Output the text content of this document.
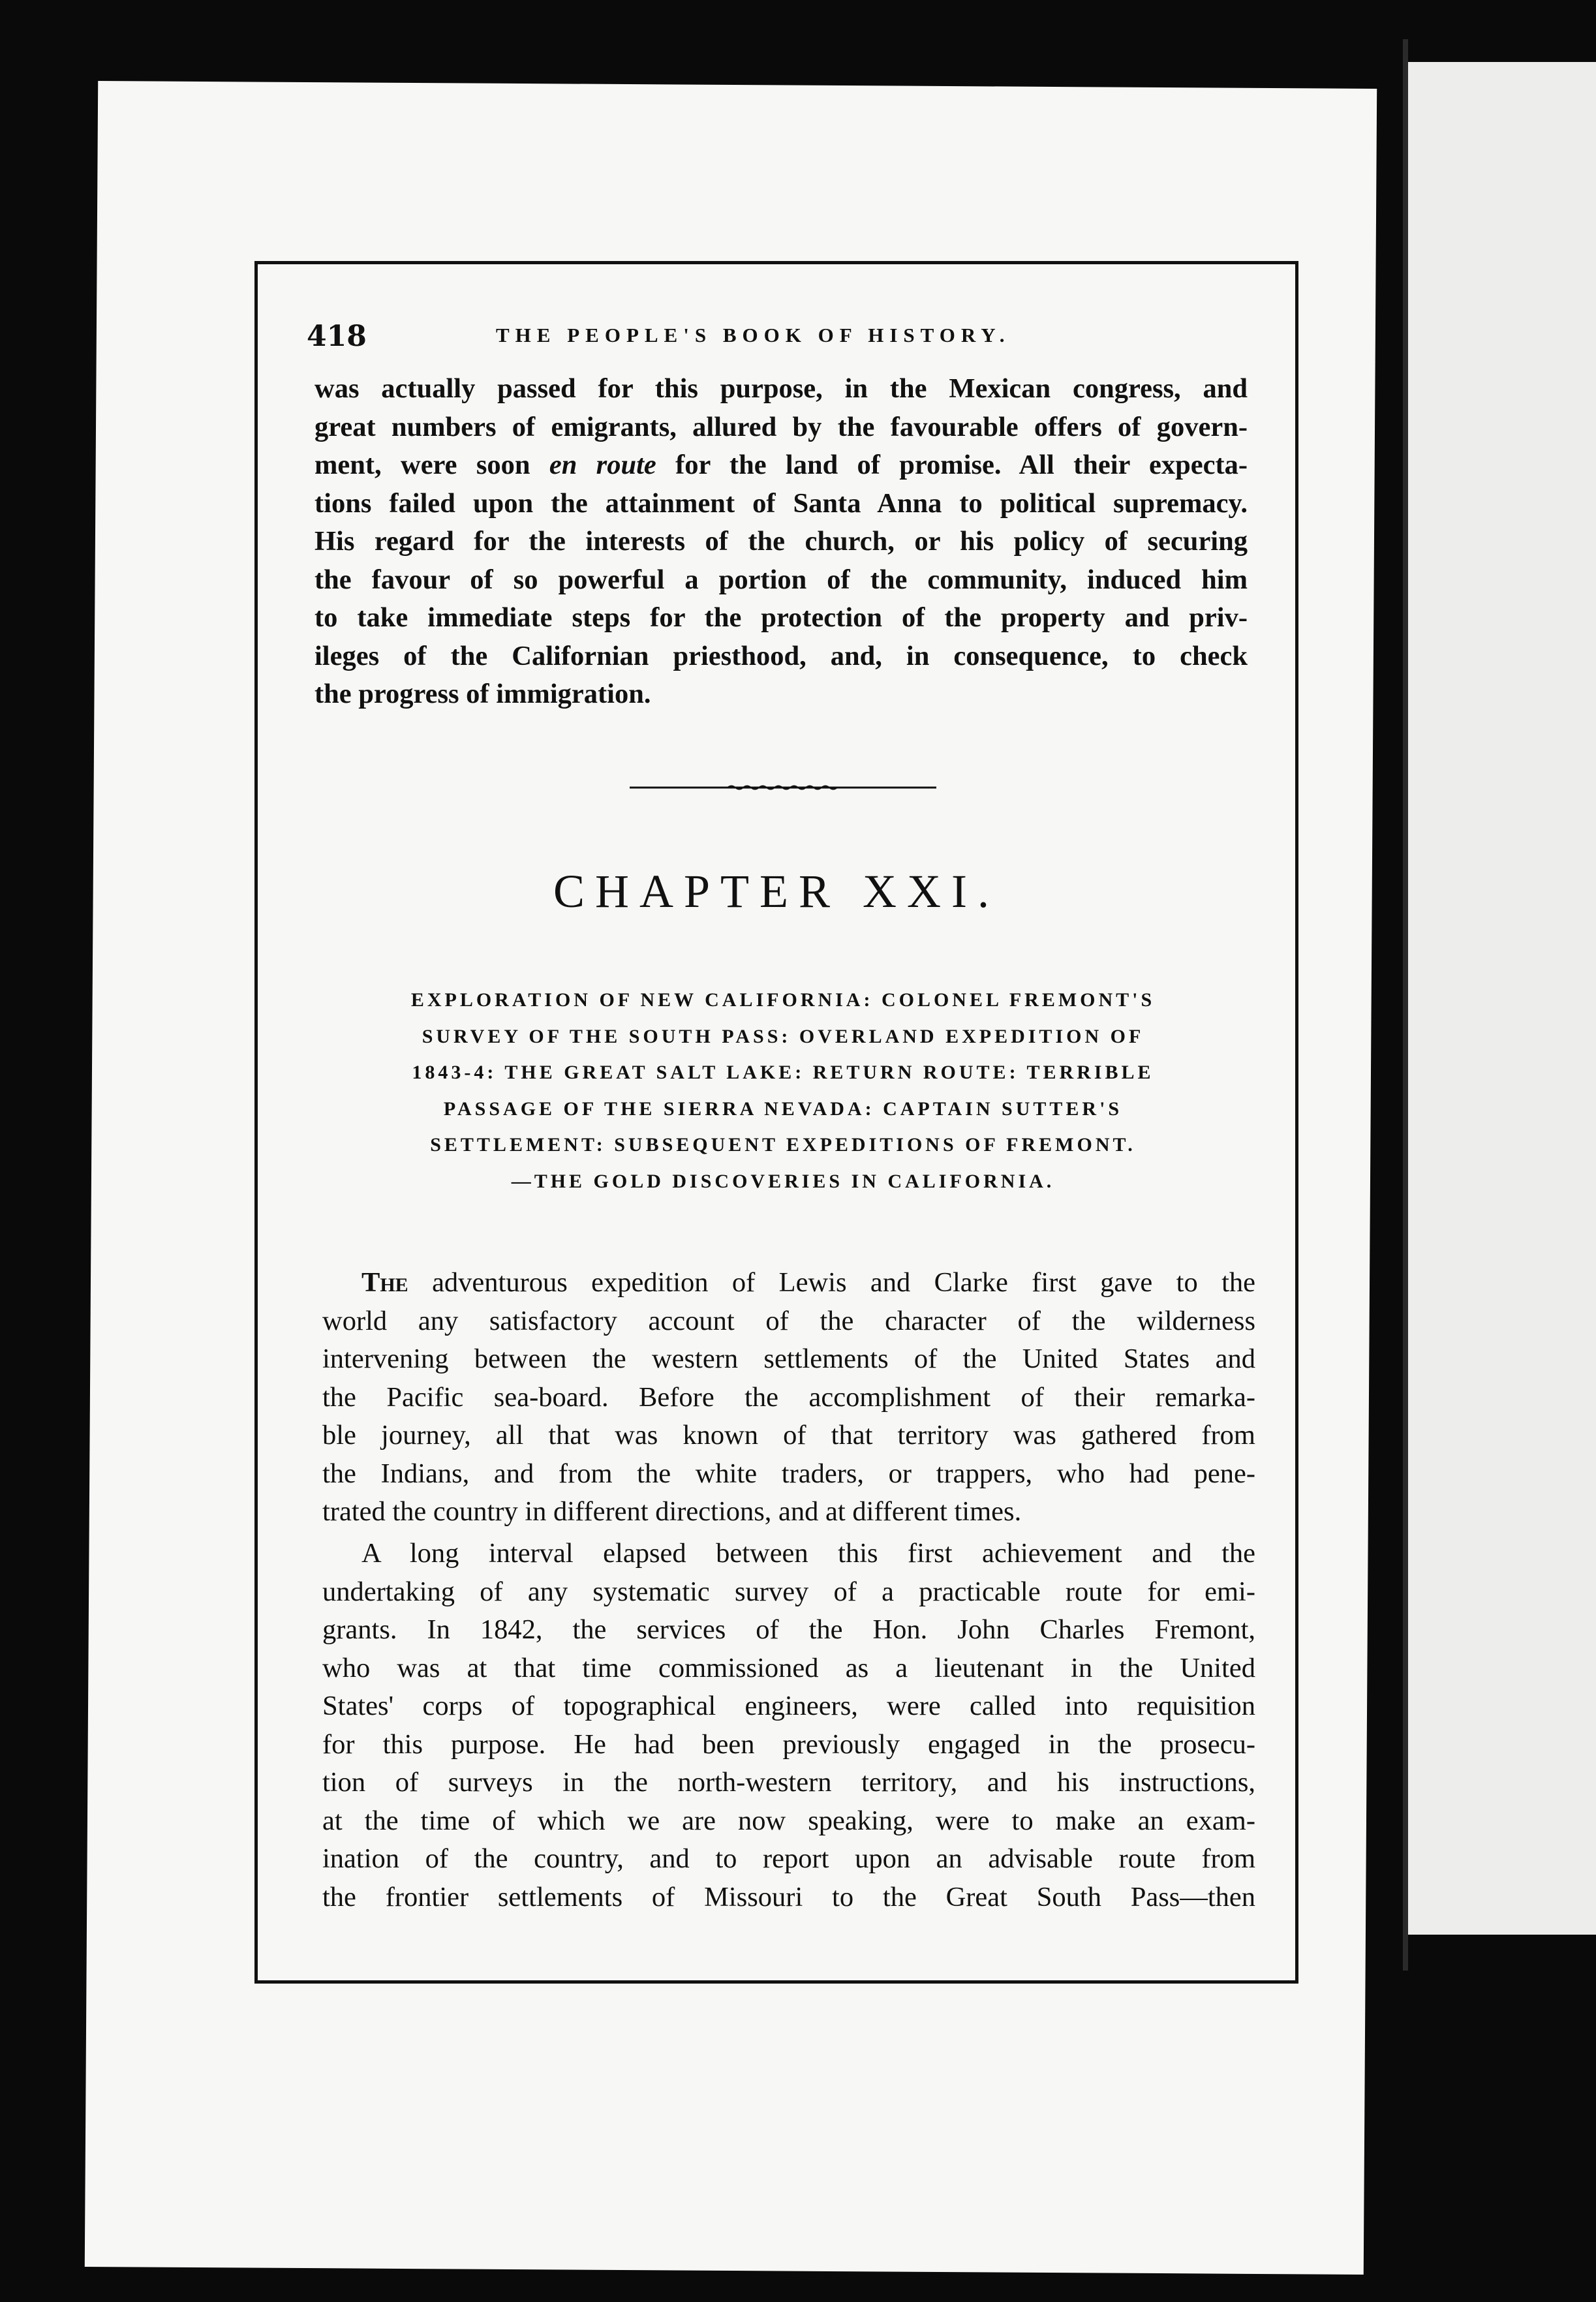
418	THE PEOPLE'S BOOK OF HISTORY.
was actually passed for this purpose, in the Mexican congress, and
great numbers of emigrants, allured by the favourable offers of govern-
ment, were soon en route for the land of promise. All their expecta-
tions failed upon the attainment of Santa Anna to political supremacy.
His regard for the interests of the church, or his policy of securing
the favour of so powerful a portion of the community, induced him
to take immediate steps for the protection of the property and priv-
ileges of the Californian priesthood, and, in consequence, to check
the progress of immigration.
CHAPTER XXI.
EXPLORATION OF NEW CALIFORNIA: COLONEL FREMONT'S
SURVEY OF THE SOUTH PASS: OVERLAND EXPEDITION OF
1843-4: THE GREAT SALT LAKE: RETURN ROUTE: TERRIBLE
PASSAGE OF THE SIERRA NEVADA: CAPTAIN SUTTER'S
SETTLEMENT: SUBSEQUENT EXPEDITIONS OF FREMONT.
—THE GOLD DISCOVERIES IN CALIFORNIA.
The adventurous expedition of Lewis and Clarke first gave to the
world any satisfactory account of the character of the wilderness
intervening between the western settlements of the United States and
the Pacific sea-board. Before the accomplishment of their remarka-
ble journey, all that was known of that territory was gathered from
the Indians, and from the white traders, or trappers, who had pene-
trated the country in different directions, and at different times.
A long interval elapsed between this first achievement and the
undertaking of any systematic survey of a practicable route for emi-
grants. In 1842, the services of the Hon. John Charles Fremont,
who was at that time commissioned as a lieutenant in the United
States' corps of topographical engineers, were called into requisition
for this purpose. He had been previously engaged in the prosecu-
tion of surveys in the north-western territory, and his instructions,
at the time of which we are now speaking, were to make an exam-
ination of the country, and to report upon an advisable route from
the frontier settlements of Missouri to the Great South Pass—then
